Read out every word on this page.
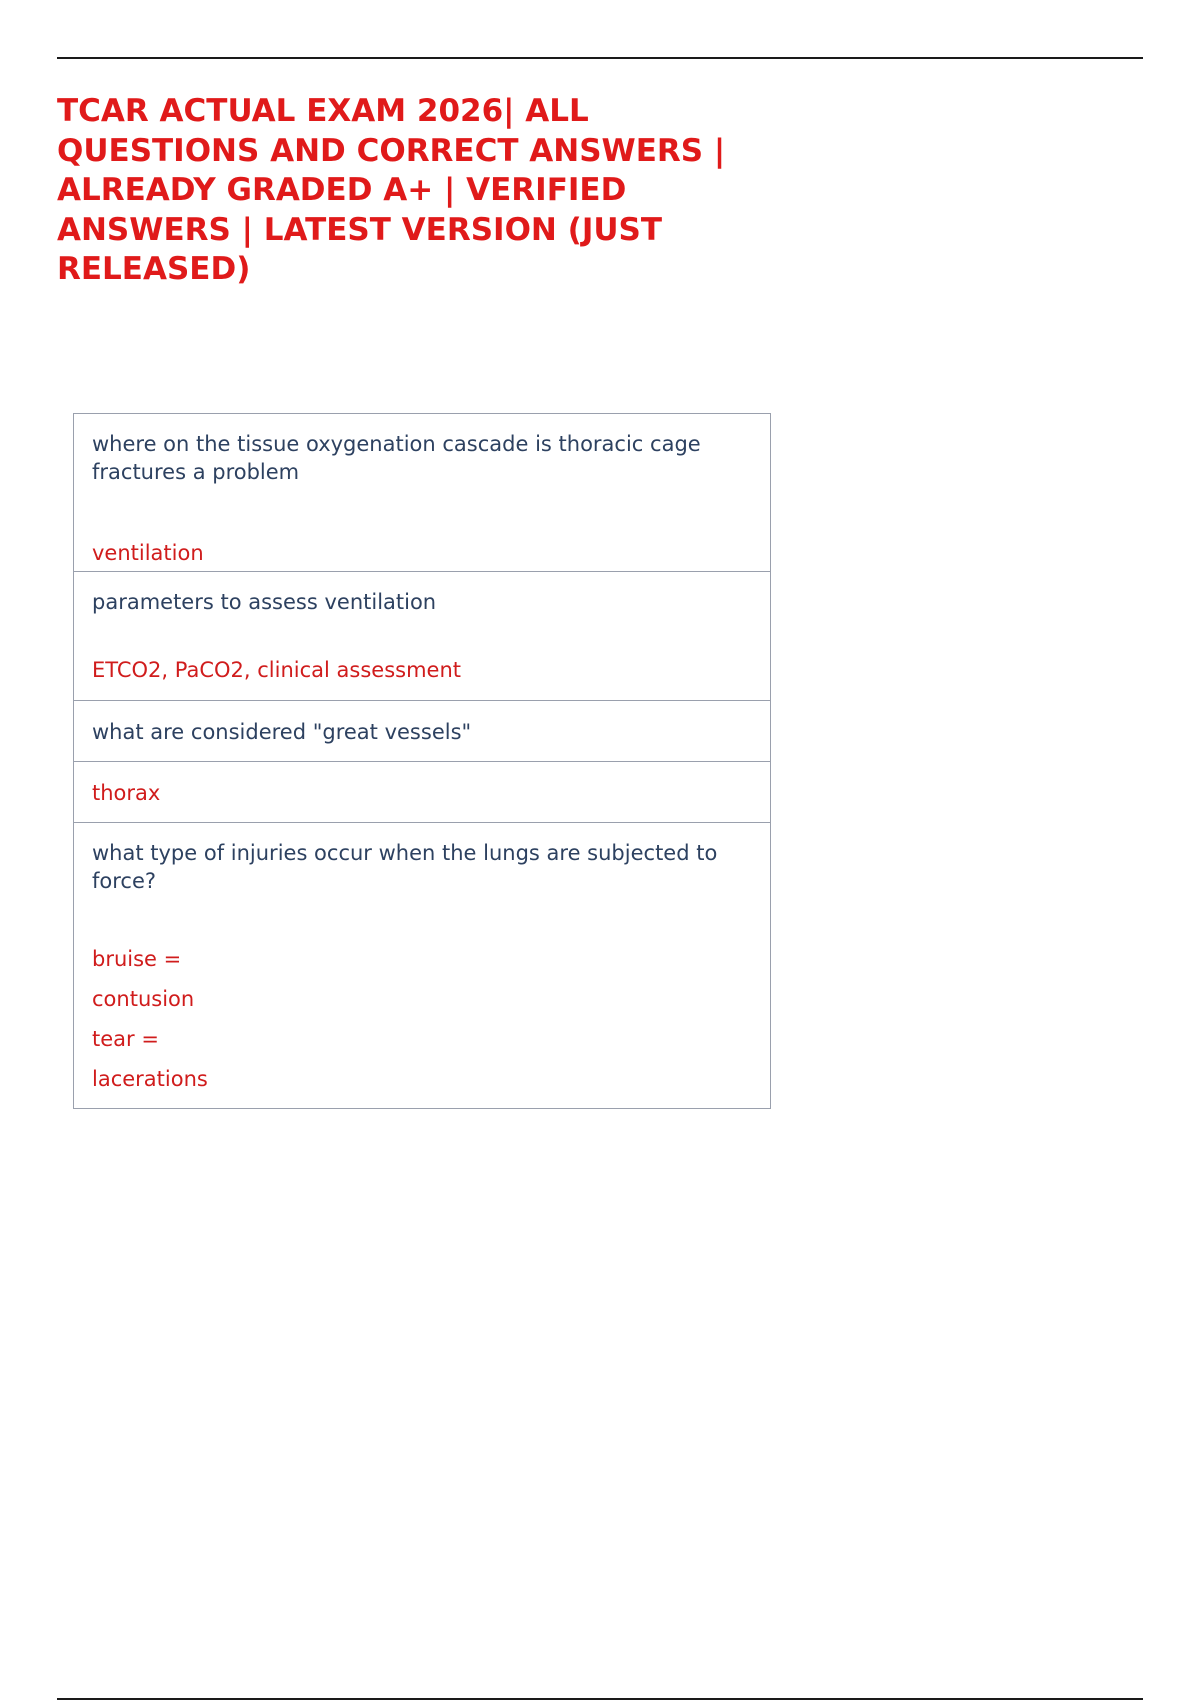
TCAR ACTUAL EXAM 2026| ALL QUESTIONS AND CORRECT ANSWERS | ALREADY GRADED A+ | VERIFIED ANSWERS | LATEST VERSION (JUST RELEASED)

where on the tissue oxygenation cascade is thoracic cage fractures a problem

ventilation

parameters to assess ventilation

ETCO2, PaCO2, clinical assessment

what are considered "great vessels"

thorax

what type of injuries occur when the lungs are subjected to force?

bruise =

contusion

tear =

lacerations
